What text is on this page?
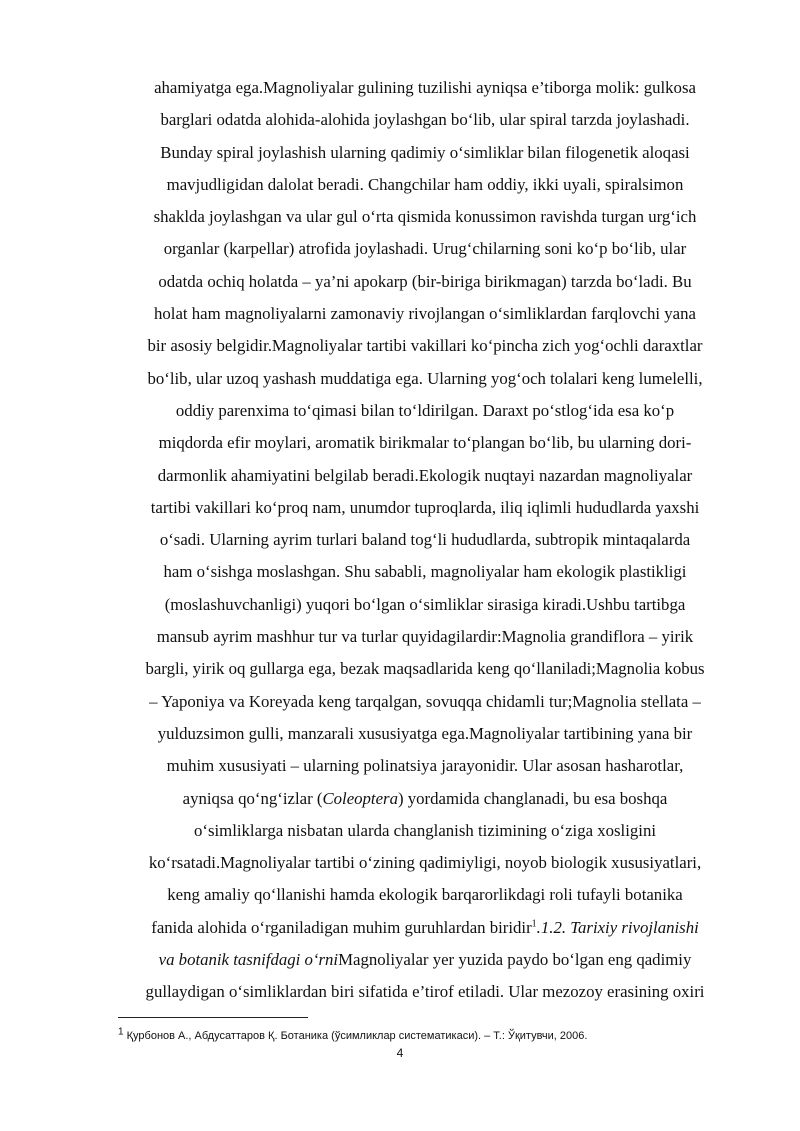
ahamiyatga ega.Magnoliyalar gulining tuzilishi ayniqsa e’tiborga molik: gulkosa
barglari odatda alohida-alohida joylashgan bo‘lib, ular spiral tarzda joylashadi.
Bunday spiral joylashish ularning qadimiy o‘simliklar bilan filogenetik aloqasi
mavjudligidan dalolat beradi. Changchilar ham oddiy, ikki uyali, spiralsimon
shaklda joylashgan va ular gul o‘rta qismida konussimon ravishda turgan urg‘ich
organlar (karpellar) atrofida joylashadi. Urug‘chilarning soni ko‘p bo‘lib, ular
odatda ochiq holatda – ya’ni apokarp (bir-biriga birikmagan) tarzda bo‘ladi. Bu
holat ham magnoliyalarni zamonaviy rivojlangan o‘simliklardan farqlovchi yana
bir asosiy belgidir.Magnoliyalar tartibi vakillari ko‘pincha zich yog‘ochli daraxtlar
bo‘lib, ular uzoq yashash muddatiga ega. Ularning yog‘och tolalari keng lumelelli,
oddiy parenxima to‘qimasi bilan to‘ldirilgan. Daraxt po‘stlog‘ida esa ko‘p
miqdorda efir moylari, aromatik birikmalar to‘plangan bo‘lib, bu ularning dori-
darmonlik ahamiyatini belgilab beradi.Ekologik nuqtayi nazardan magnoliyalar
tartibi vakillari ko‘proq nam, unumdor tuproqlarda, iliq iqlimli hududlarda yaxshi
o‘sadi. Ularning ayrim turlari baland tog‘li hududlarda, subtropik mintaqalarda
ham o‘sishga moslashgan. Shu sababli, magnoliyalar ham ekologik plastikligi
(moslashuvchanligi) yuqori bo‘lgan o‘simliklar sirasiga kiradi.Ushbu tartibga
mansub ayrim mashhur tur va turlar quyidagilardir:Magnolia grandiflora – yirik
bargli, yirik oq gullarga ega, bezak maqsadlarida keng qo‘llaniladi;Magnolia kobus
– Yaponiya va Koreyada keng tarqalgan, sovuqqa chidamli tur;Magnolia stellata –
yulduzsimon gulli, manzarali xususiyatga ega.Magnoliyalar tartibining yana bir
muhim xususiyati – ularning polinatsiya jarayonidir. Ular asosan hasharotlar,
ayniqsa qo‘ng‘izlar (Coleoptera) yordamida changlanadi, bu esa boshqa
o‘simliklarga nisbatan ularda changlanish tizimining o‘ziga xosligini
ko‘rsatadi.Magnoliyalar tartibi o‘zining qadimiyligi, noyob biologik xususiyatlari,
keng amaliy qo‘llanishi hamda ekologik barqarorlikdagi roli tufayli botanika
fanida alohida o‘rganiladigan muhim guruhlardan biridir$^1$.1.2. Tarixiy rivojlanishi
va botanik tasnifdagi o‘rniMagnoliyalar yer yuzida paydo bo‘lgan eng qadimiy
gullaydigan o‘simliklardan biri sifatida e’tirof etiladi. Ular mezozoy erasining oxiri
1 Қурбонов А., Абдусаттаров Қ. Ботаника (ўсимликлар систематикаси). – Т.: Ўқитувчи, 2006.
4
